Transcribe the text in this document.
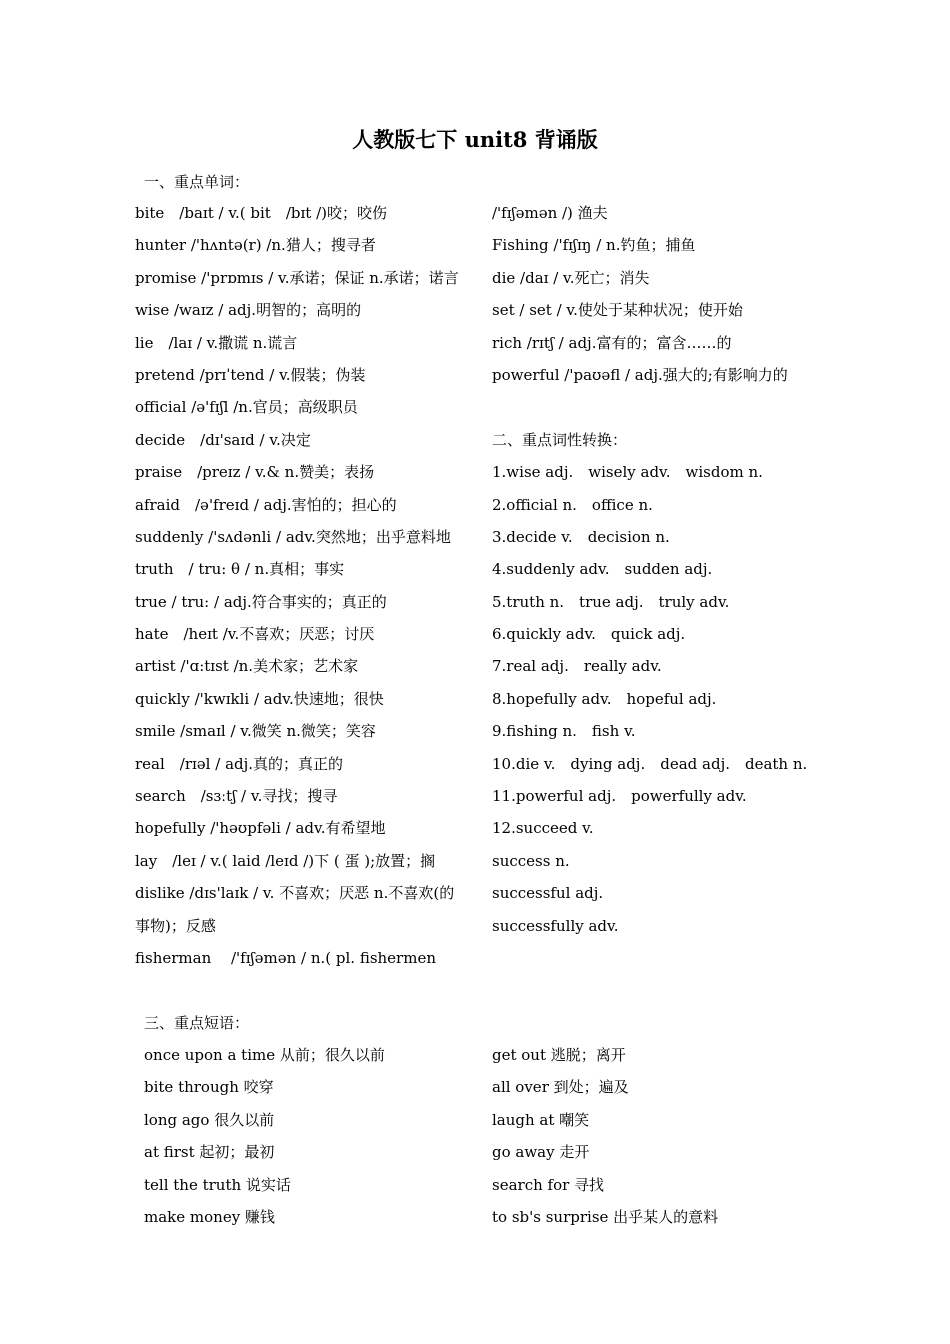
人教版七下 unit8 背诵版
一、重点单词：
bite　/baɪt / v.( bit　/bɪt /)咬；咬伤
hunter /'hʌntə(r) /n.猎人；搜寻者
promise /'prɒmɪs / v.承诺；保证 n.承诺；诺言
wise /waɪz / adj.明智的；高明的
lie　/laɪ / v.撒谎 n.谎言
pretend /prɪˈtend / v.假装；伪装
official /ə'fɪʃl /n.官员；高级职员
decide　/dɪ'saɪd / v.决定
praise　/preɪz / v.& n.赞美；表扬
afraid　/ə'freɪd / adj.害怕的；担心的
suddenly /'sʌdənli / adv.突然地；出乎意料地
truth　/ tru: θ / n.真相；事实
true / tru: / adj.符合事实的；真正的
hate　/heɪt /v.不喜欢；厌恶；讨厌
artist /'ɑ:tɪst /n.美术家；艺术家
quickly /'kwɪkli / adv.快速地；很快
smile /smaɪl / v.微笑 n.微笑；笑容
real　/rɪəl / adj.真的；真正的
search　/sɜːtʃ / v.寻找；搜寻
hopefully /'həʊpfəli / adv.有希望地
lay　/leɪ / v.( laid /leɪd /)下 ( 蛋 );放置；搁
dislike /dɪs'laɪk / v. 不喜欢；厌恶 n.不喜欢(的事物)；反感
fisherman　 /'fɪʃəmən / n.( pl. fishermen
/'fɪʃəmən /) 渔夫
Fishing /'fɪʃɪŋ / n.钓鱼；捕鱼
die /daɪ / v.死亡；消失
set / set / v.使处于某种状况；使开始
rich /rɪtʃ / adj.富有的；富含……的
powerful /'paʊəfl / adj.强大的;有影响力的
二、重点词性转换：
1.wise adj.　wisely adv.　wisdom n.
2.official n.　office n.
3.decide v.　decision n.
4.suddenly adv.　sudden adj.
5.truth n.　true adj.　truly adv.
6.quickly adv.　quick adj.
7.real adj.　really adv.
8.hopefully adv.　hopeful adj.
9.fishing n.　fish v.
10.die v.　dying adj.　dead adj.　death n.
11.powerful adj.　powerfully adv.
12.succeed v.
success n.
successful adj.
successfully adv.
三、重点短语：
once upon a time 从前；很久以前
bite through 咬穿
long ago 很久以前
at first 起初；最初
tell the truth 说实话
make money 赚钱
get out 逃脱；离开
all over 到处；遍及
laugh at 嘲笑
go away 走开
search for 寻找
to sb's surprise 出乎某人的意料
